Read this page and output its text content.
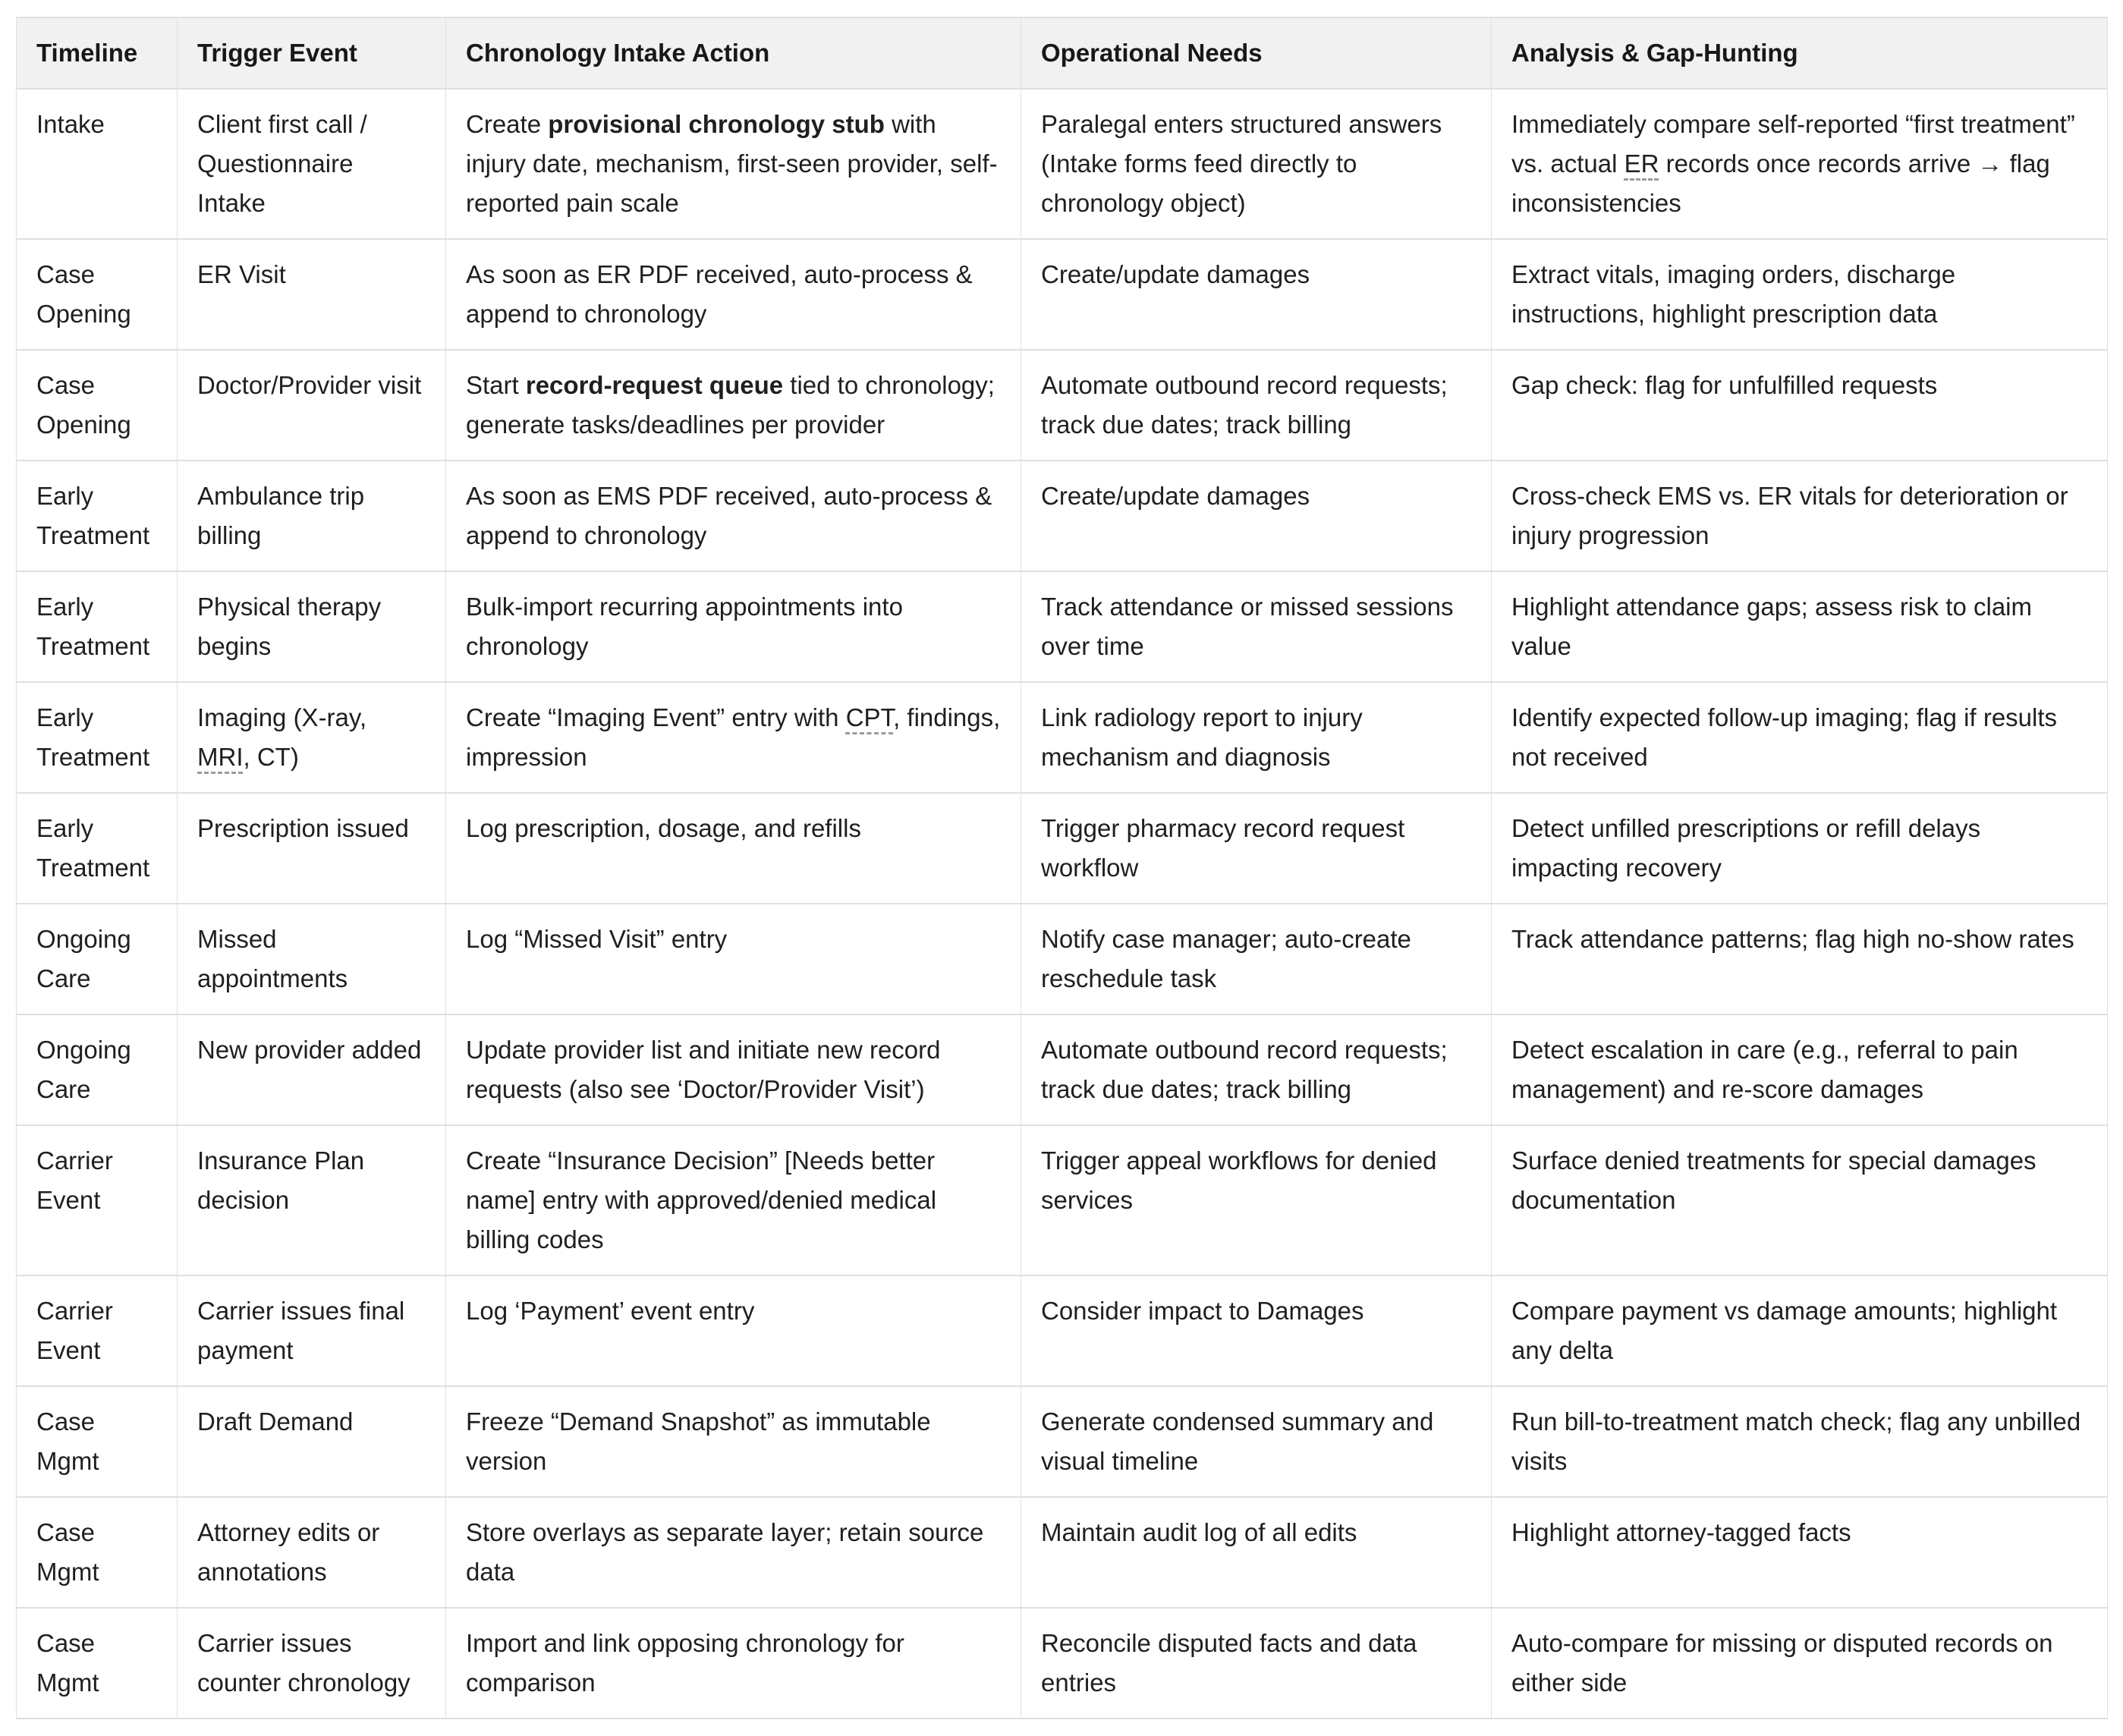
Timeline	Trigger Event	Chronology Intake Action	Operational Needs	Analysis & Gap-Hunting
Intake	Client first call / Questionnaire Intake	Create provisional chronology stub with injury date, mechanism, first-seen provider, self-reported pain scale	Paralegal enters structured answers (Intake forms feed directly to chronology object)	Immediately compare self-reported “first treatment” vs. actual ER records once records arrive → flag inconsistencies
Case Opening	ER Visit	As soon as ER PDF received, auto-process & append to chronology	Create/update damages	Extract vitals, imaging orders, discharge instructions, highlight prescription data
Case Opening	Doctor/Provider visit	Start record-request queue tied to chronology; generate tasks/deadlines per provider	Automate outbound record requests; track due dates; track billing	Gap check: flag for unfulfilled requests
Early Treatment	Ambulance trip billing	As soon as EMS PDF received, auto-process & append to chronology	Create/update damages	Cross-check EMS vs. ER vitals for deterioration or injury progression
Early Treatment	Physical therapy begins	Bulk-import recurring appointments into chronology	Track attendance or missed sessions over time	Highlight attendance gaps; assess risk to claim value
Early Treatment	Imaging (X-ray, MRI, CT)	Create “Imaging Event” entry with CPT, findings, impression	Link radiology report to injury mechanism and diagnosis	Identify expected follow-up imaging; flag if results not received
Early Treatment	Prescription issued	Log prescription, dosage, and refills	Trigger pharmacy record request workflow	Detect unfilled prescriptions or refill delays impacting recovery
Ongoing Care	Missed appointments	Log “Missed Visit” entry	Notify case manager; auto-create reschedule task	Track attendance patterns; flag high no-show rates
Ongoing Care	New provider added	Update provider list and initiate new record requests (also see ‘Doctor/Provider Visit’)	Automate outbound record requests; track due dates; track billing	Detect escalation in care (e.g., referral to pain management) and re-score damages
Carrier Event	Insurance Plan decision	Create “Insurance Decision” [Needs better name] entry with approved/denied medical billing codes	Trigger appeal workflows for denied services	Surface denied treatments for special damages documentation
Carrier Event	Carrier issues final payment	Log ‘Payment’ event entry	Consider impact to Damages	Compare payment vs damage amounts; highlight any delta
Case Mgmt	Draft Demand	Freeze “Demand Snapshot” as immutable version	Generate condensed summary and visual timeline	Run bill-to-treatment match check; flag any unbilled visits
Case Mgmt	Attorney edits or annotations	Store overlays as separate layer; retain source data	Maintain audit log of all edits	Highlight attorney-tagged facts
Case Mgmt	Carrier issues counter chronology	Import and link opposing chronology for comparison	Reconcile disputed facts and data entries	Auto-compare for missing or disputed records on either side
